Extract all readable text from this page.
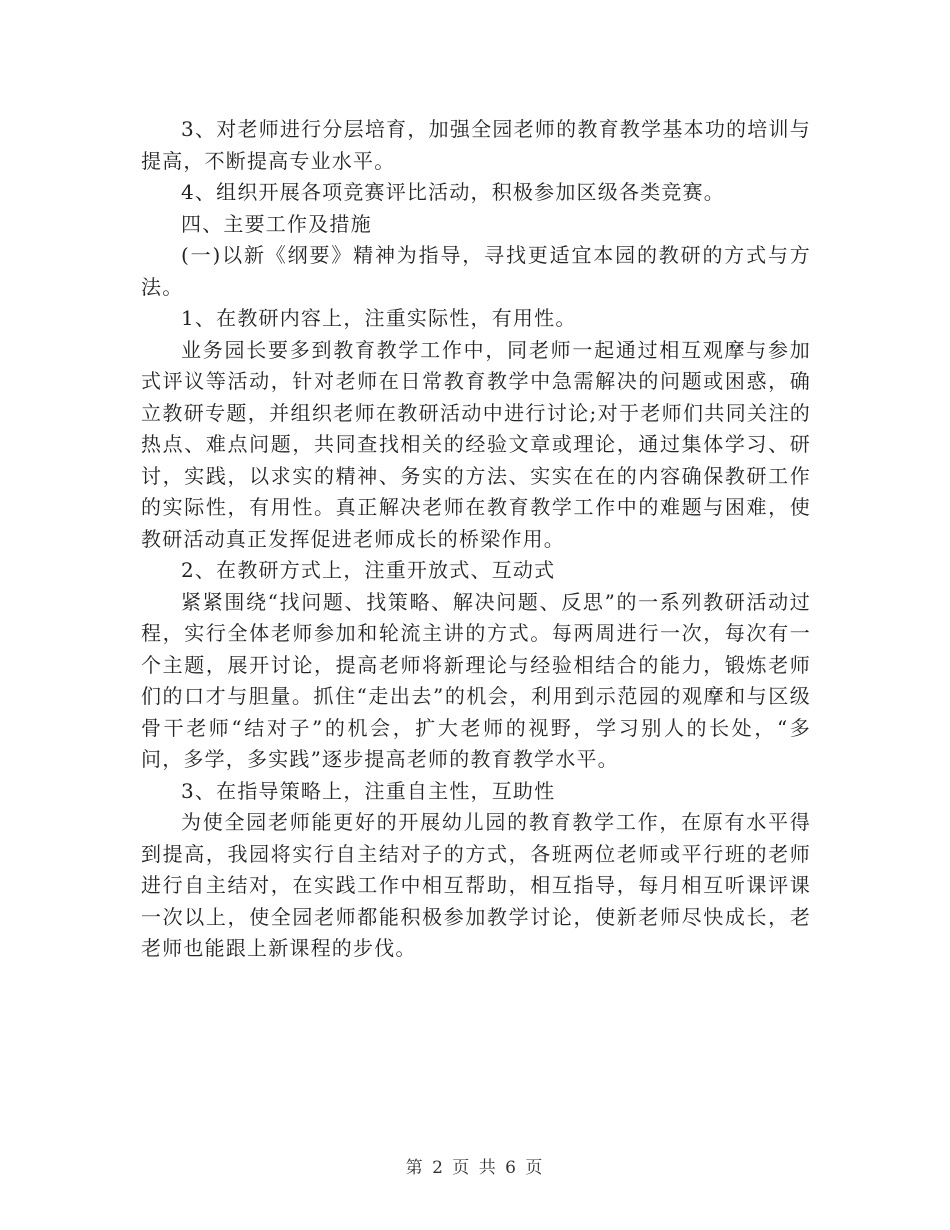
3、对老师进行分层培育，加强全园老师的教育教学基本功的培训与提高，不断提高专业水平。

4、组织开展各项竞赛评比活动，积极参加区级各类竞赛。

四、主要工作及措施

(一)以新《纲要》精神为指导，寻找更适宜本园的教研的方式与方法。

1、在教研内容上，注重实际性，有用性。

业务园长要多到教育教学工作中，同老师一起通过相互观摩与参加式评议等活动，针对老师在日常教育教学中急需解决的问题或困惑，确立教研专题，并组织老师在教研活动中进行讨论;对于老师们共同关注的热点、难点问题，共同查找相关的经验文章或理论，通过集体学习、研讨，实践，以求实的精神、务实的方法、实实在在的内容确保教研工作的实际性，有用性。真正解决老师在教育教学工作中的难题与困难，使教研活动真正发挥促进老师成长的桥梁作用。

2、在教研方式上，注重开放式、互动式

紧紧围绕“找问题、找策略、解决问题、反思”的一系列教研活动过程，实行全体老师参加和轮流主讲的方式。每两周进行一次，每次有一个主题，展开讨论，提高老师将新理论与经验相结合的能力，锻炼老师们的口才与胆量。抓住“走出去”的机会，利用到示范园的观摩和与区级骨干老师“结对子”的机会，扩大老师的视野，学习别人的长处，“多问，多学，多实践”逐步提高老师的教育教学水平。

3、在指导策略上，注重自主性，互助性

为使全园老师能更好的开展幼儿园的教育教学工作，在原有水平得到提高，我园将实行自主结对子的方式，各班两位老师或平行班的老师进行自主结对，在实践工作中相互帮助，相互指导，每月相互听课评课一次以上，使全园老师都能积极参加教学讨论，使新老师尽快成长，老老师也能跟上新课程的步伐。

第 2 页 共 6 页
